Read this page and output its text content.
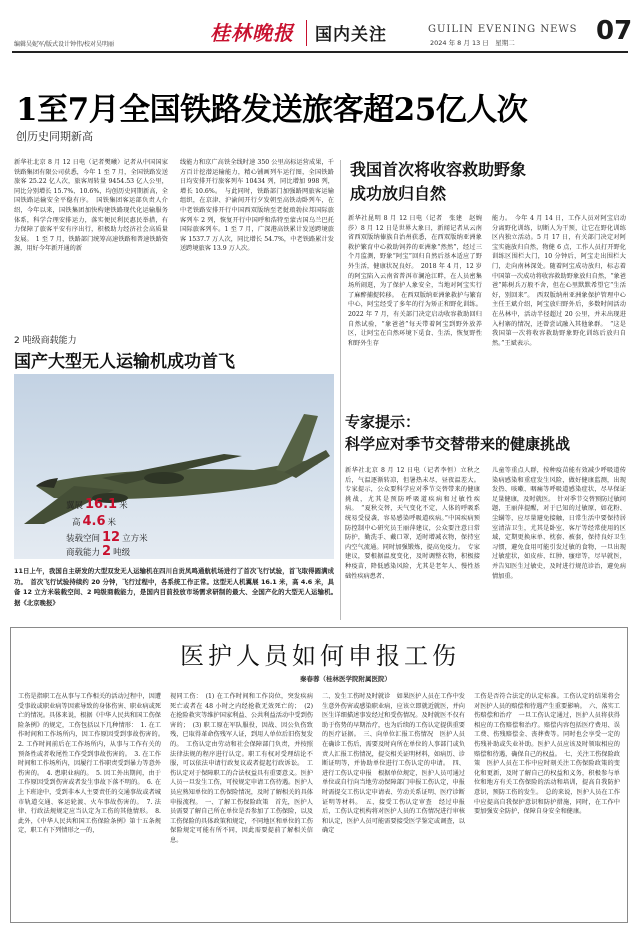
编辑吴妮军/版式设计钟伟/校对吴明丽	桂林晚报 国内关注	GUILIN EVENING NEWS
2024 年 8 月 13 日　星期二	07
1至7月全国铁路发送旅客超25亿人次
创历史同期新高
新华社北京 8 月 12 日电（记者樊曦）记者从中国国家铁路集团有限公司获悉，今年 1 至 7 月，全国铁路发送旅客 25.22 亿人次，旅客周转量 9454.53 亿人公里，同比分别增长 15.7%、10.6%，均创历史同期新高，全国铁路运输安全平稳有序。　国铁集团客运部负责人介绍，今年以来，国铁集团加快构建铁路现代化运输服务体系，科学合理安排运力，落实便民利民惠民举措，有力保障了旅客平安有序出行，积极助力经济社会高质量发展。　1 至 7 月，铁路部门统筹高速铁路和普速铁路资源，用好今年新开通的新
线能力和京广高铁全线时速 350 公里高标运营成果，千方百计挖潜运输能力，精心铺画列车运行图，全国铁路日均安排开行旅客列车 10434 列，同比增加 998 列，增长 10.6%。　与此同时，铁路部门加强路网旅客运输组织，在京津、沪渝间开行夕发朝至高铁动卧列车，在中老铁路安排开行中国西双版纳至老挝琅勃拉邦国际旅客列车 2 列，恢复开行中国呼和浩特至蒙古国乌兰巴托国际旅客列车。1 至 7 月，广深港高铁累计发送跨境旅客 1537.7 万人次，同比增长 54.7%，中老铁路累计发送跨境旅客 13.9 万人次。
2 吨级商载能力
国产大型无人运输机成功首飞
翼展 16.1 米
高 4.6 米
装载空间 12 立方米
商载能力 2 吨级
11日上午，我国自主研发的大型双发无人运输机在四川自贡凤鸣通航机场进行了首次飞行试验，首飞取得圆满成功。　首次飞行试验持续约 20 分钟，飞行过程中，各系统工作正常。这型无人机翼展 16.1 米，高 4.6 米，具备 12 立方米装载空间、2 吨级商载能力，是国内目前投放市场需求研制的最大、全国产化的大型无人运输机。　据《北京晚报》
我国首次将收容救助野象
成功放归自然
新华社昆明 8 月 12 日电（记者　张建　赵婉莎）8 月 12 日是世界大象日，新闻记者从云南省西双版纳傣族自治州获悉，在西双版纳亚洲象救护繁育中心救助饲养的亚洲象“然然”，经过三个月监测，野象“阿宝”回归自然后基本适应了野外生活，健康状况良好。　2018 年 4 月，12 岁的阿宝陷入云南省普洱市澜沧江畔，在人员密集场所闹逛，为了保护人象安全，当地对阿宝实行了麻醉捕捉转移。　在西双版纳亚洲象救护与繁育中心，阿宝经受了多年的行为矫正和野化训练。2022 年 7 月，有关部门决定启动收容救助回归自然试验，“象爸爸”每天带着阿宝到野外放养区，让阿宝在自然环境下觅食、生活，恢复野性和野外生存
能力。　今年 4 月 14 日，工作人员对阿宝启动分离野化训练，切断人为干预，让它在野化训练区内独立活动。5 月 17 日，有关部门决定对阿宝实施放归自然，物健 6 点，工作人员打开野化训练区围栏大门，10 分钟后，阿宝走出围栏大门，走向南林深处。随着阿宝成功放归，标志着中国第一次成功将收容救助野象放归自然，“象爸爸”陈树兵万般不舍，但在心里默默希望它“生活好，别回来”。　西双版纳州亚洲象保护管理中心主任王斌介绍，阿宝放归野外后，多数时间活动在丛林中，活动半径超过 20 公里，并未出现进入村寨的情况，还曾尝试融入其他象群。　“这是我国第一次将收容救助野象野化训练后放归自然。”王斌表示。
专家提示：
科学应对季节交替带来的健康挑战
新华社北京 8 月 12 日电（记者李恒）立秋之后，气温逐渐转凉，但暑热未尽，昼夜温差大。专家提示，公众要科学应对季节交替带来的健康挑战，尤其是预防呼吸道疾病和过敏性疾病。　“夏秋交替，天气变化不定，人体的呼吸系统易受侵袭，容易感染呼吸道疾病。”中国疾病预防控制中心研究员王丽萍建议，公众要注意日常防护，勤洗手、戴口罩，适时增减衣物，保持室内空气流通。同时加强锻炼，提高免疫力。　专家建议，要根据温度变化，及时调整衣物，积极接种疫苗，降低感染风险，尤其是老年人、慢性基础性疾病患者、
儿童等重点人群，按种疫苗能有效减少呼吸道传染病感染和重症发生风险，做好健康监测，出现发热、咳嗽、咽痛等呼吸道感染症状，尽早保证足量健康，及时就医。　针对季节交替预防过敏问题，王丽萍提醒，对于已知的过敏原，如花粉、尘螨等，应尽量避免接触，日常生活中要保持居室清洁卫生，尤其是卧室、客厅等经常使用的区域，定期更换床单、枕套、被套，保持良好卫生习惯，避免食用可能引发过敏的食物，一旦出现过敏症状，如皮疹、红肿、瘙痒等，尽早就医，并告知医生过敏史，及时进行规范诊治，避免病情加重。
医护人员如何申报工伤
秦春蓉（桂林医学院附属医院）
工伤是指职工在从事与工作相关的活动过程中，因遭受事故或职业病等因素导致的身体伤害、职业病或死亡的情况。具体来说，根据《中华人民共和国工伤保险条例》的规定，工伤包括以下几种情形：　1. 在工作时间和工作场所内，因工作原因受到事故伤害的。　2. 工作时间前后在工作场所内，从事与工作有关的预备性或者收尾性工作受到事故伤害的。　3. 在工作时间和工作场所内，因履行工作职责受到暴力等意外伤害的。　4. 患职业病的。　5. 因工外出期间，由于工作原因受到伤害或者发生事故下落不明的。　6. 在上下班途中，受到非本人主要责任的交通事故或者城市轨道交通、客运轮渡、火车事故伤害的。　7. 法律、行政法规规定应当认定为工伤的其他情形。　8. 此外，《中华人民共和国工伤保险条例》第十五条规定，职工有下列情形之一的，
视同工伤：　(1) 在工作时间和工作岗位，突发疾病死亡或者在 48 小时之内经抢救无效死亡的；　(2) 在抢险救灾等维护国家利益、公共利益活动中受到伤害的；　(3) 职工原在军队服役，因战、因公负伤致残，已取得革命伤残军人证，到用人单位后旧伤复发的。　工伤认定由劳动和社会保障部门负责，并按照法律法规的程序进行认定。职工有权对受理结论不服，可以依法申请行政复议或者提起行政诉讼。　工伤认定对于保障职工的合法权益具有重要意义。医护人员一旦发生工伤，可按规定申请工伤待遇。医护人员应熟知单位的工伤保险情况，及时了解相关的具体申报流程。　一、了解工伤保险政策　首先，医护人员需要了解自己所在单位是否参加了工伤保险，以及工伤保险的具体政策和规定，不同地区和单位的工伤保险规定可能有所不同，因此需要提前了解相关信息。
二、发生工伤时及时就诊　如果医护人员在工作中发生意外伤害或感染职业病，应该立即就近就医，并向医生详细描述事发经过和受伤情况。及时就医不仅有助于伤势的早期治疗，也为后续的工伤认定提供重要的医疗证据。　三、向单位汇报工伤情况　医护人员在确诊工伤后，需要及时向所在单位的人事部门或负责人汇报工伤情况，提交相关证明材料，如病历、诊断证明等，并协助单位进行工伤认定的申请。　四、进行工伤认定申报　根据单位规定，医护人员可通过单位或自行向当地劳动保障部门申报工伤认定，申报时需提交工伤认定申请表、劳动关系证明、医疗诊断证明等材料。　五、接受工伤认定审查　经过申报后，工伤认定机构将对医护人员的工伤情况进行审核和认定，医护人员可能需要接受医学鉴定或调查，以确定
工伤是否符合法定的认定标准。工伤认定的结果将会对医护人员的赔偿和待遇产生重要影响。　六、落实工伤赔偿和治疗　一旦工伤认定通过，医护人员将获得相应的工伤赔偿和治疗。赔偿内容包括医疗费用、误工费、伤残赔偿金、丧葬费等。同时也会享受一定的伤残补助或失业补助。医护人员应该及时领取相应的赔偿和待遇，确保自己的权益。　七、关注工伤保险政策　医护人员在工作中应时刻关注工伤保险政策的变化和更新，及时了解自己的权益和义务，积极参与单位和地方有关工伤保险的活动和培训，提高自我防护意识，预防工伤的发生。　总的来说，医护人员在工作中应提高自我保护意识和防护措施，同时，在工作中要加强安全防护，保障自身安全和健康。
